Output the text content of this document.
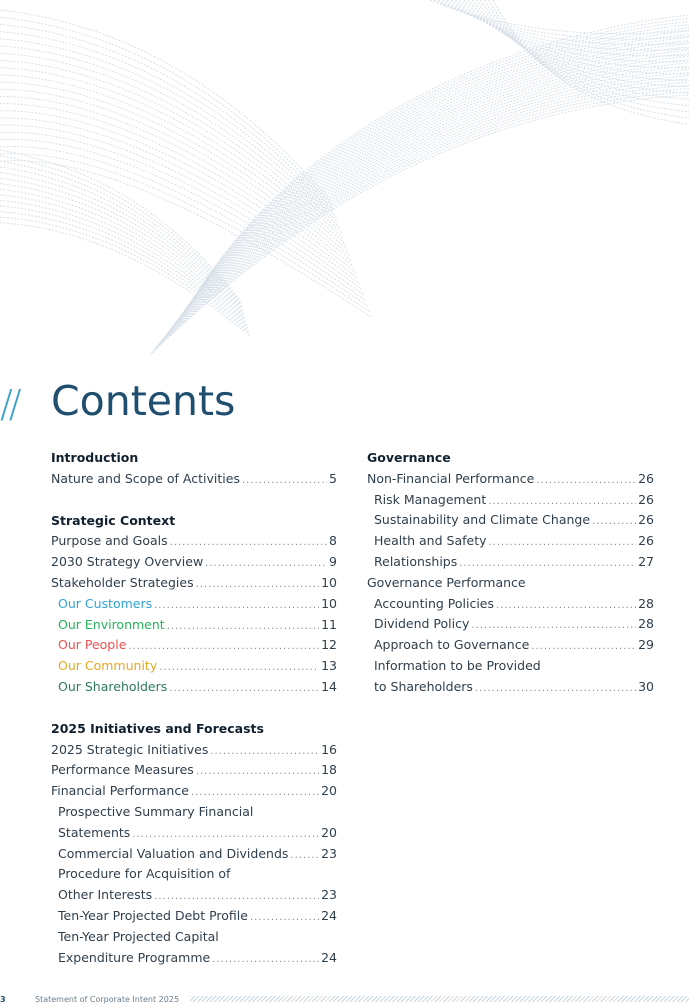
// Contents
Introduction
Nature and Scope of Activities .....	5
Strategic Context
Purpose and Goals .....	8
2030 Strategy Overview .....	9
Stakeholder Strategies .....	10
Our Customers .....	10
Our Environment .....	11
Our People .....	12
Our Community .....	13
Our Shareholders .....	14
2025 Initiatives and Forecasts
2025 Strategic Initiatives .....	16
Performance Measures .....	18
Financial Performance .....	20
Prospective Summary Financial
Statements .....	20
Commercial Valuation and Dividends .....	23
Procedure for Acquisition of
Other Interests .....	23
Ten-Year Projected Debt Profile .....	24
Ten-Year Projected Capital
Expenditure Programme .....	24
Governance
Non-Financial Performance .....	26
Risk Management .....	26
Sustainability and Climate Change .....	26
Health and Safety .....	26
Relationships .....	27
Governance Performance
Accounting Policies .....	28
Dividend Policy .....	28
Approach to Governance .....	29
Information to be Provided
to Shareholders .....	30
3	Statement of Corporate Intent 2025
